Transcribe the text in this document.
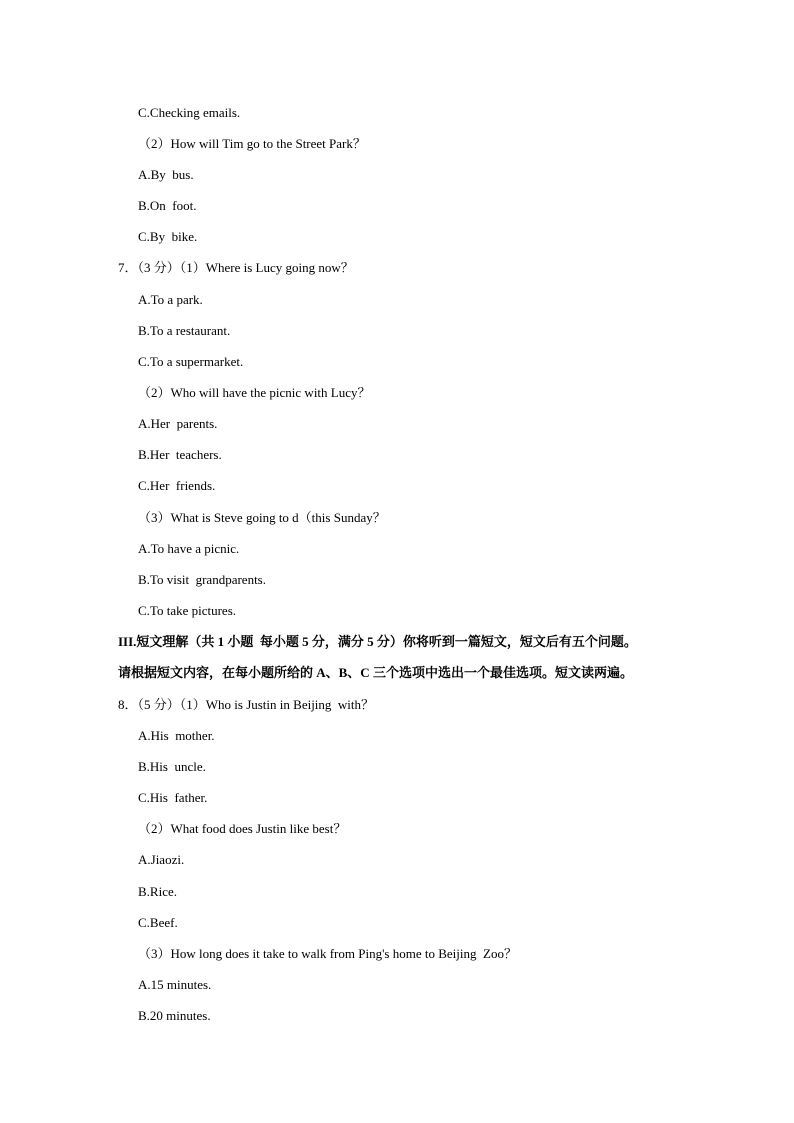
C.Checking emails.
（2）How will Tim go to the Street Park？
A.By  bus.
B.On  foot.
C.By  bike.
7．（3 分）（1）Where is Lucy going now？
A.To a park.
B.To a restaurant.
C.To a supermarket.
（2）Who will have the picnic with Lucy？
A.Her  parents.
B.Her  teachers.
C.Her  friends.
（3）What is Steve going to d（this Sunday？
A.To have a picnic.
B.To visit  grandparents.
C.To take pictures.
III.短文理解（共 1 小题  每小题 5 分，满分 5 分）你将听到一篇短文，短文后有五个问题。
请根据短文内容，在每小题所给的 A、B、C 三个选项中选出一个最佳选项。短文读两遍。
8．（5 分）（1）Who is Justin in Beijing  with？
A.His  mother.
B.His  uncle.
C.His  father.
（2）What food does Justin like best？
A.Jiaozi.
B.Rice.
C.Beef.
（3）How long does it take to walk from Ping's home to Beijing  Zoo？
A.15 minutes.
B.20 minutes.
